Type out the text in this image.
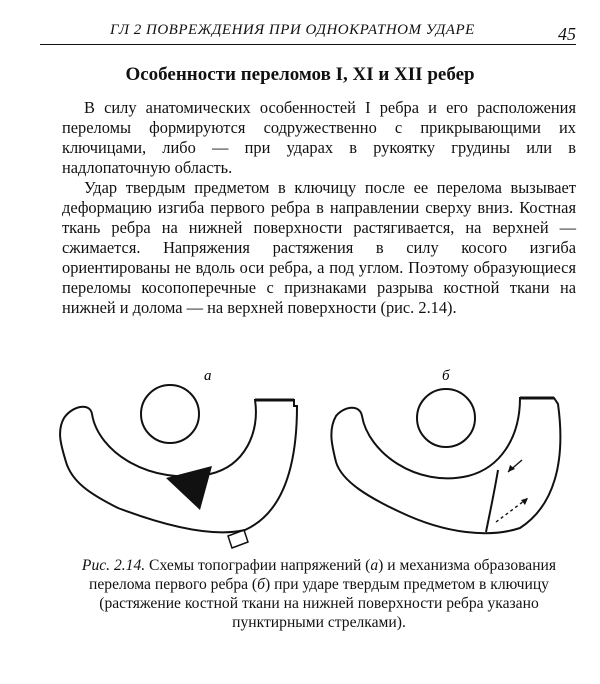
ГЛ 2 ПОВРЕЖДЕНИЯ ПРИ ОДНОКРАТНОМ УДАРЕ	45
Особенности переломов I, XI и XII ребер

В силу анатомических особенностей I ребра и его расположения переломы формируются содружественно с прикрывающими их ключицами, либо — при ударах в рукоятку грудины или в надлопаточную область.

Удар твердым предметом в ключицу после ее перелома вызывает деформацию изгиба первого ребра в направлении сверху вниз. Костная ткань ребра на нижней поверхности растягивается, на верхней — сжимается. Напряжения растяжения в силу косого изгиба ориентированы не вдоль оси ребра, а под углом. Поэтому образующиеся переломы косопоперечные с признаками разрыва костной ткани на нижней и долома — на верхней поверхности (рис. 2.14).

а	б
Рис. 2.14. Схемы топографии напряжений (а) и механизма образования перелома первого ребра (б) при ударе твердым предметом в ключицу (растяжение костной ткани на нижней поверхности ребра указано пунктирными стрелками).
